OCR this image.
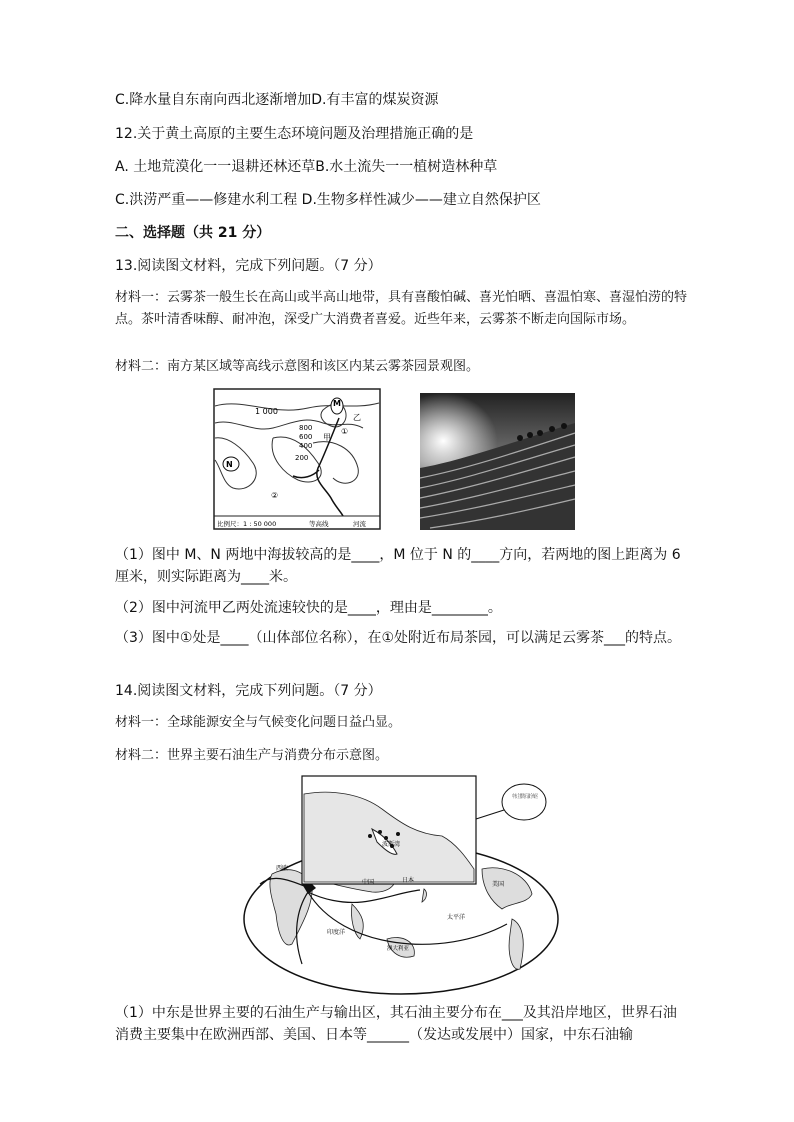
C.降水量自东南向西北逐渐增加D.有丰富的煤炭资源
12.关于黄土高原的主要生态环境问题及治理措施正确的是
A. 土地荒漠化一一退耕还林还草B.水土流失一一植树造林种草
C.洪涝严重——修建水利工程 D.生物多样性减少——建立自然保护区
二、选择题（共 21 分）
13.阅读图文材料，完成下列问题。（7 分）
材料一：云雾茶一般生长在高山或半高山地带，具有喜酸怕碱、喜光怕晒、喜温怕寒、喜湿怕涝的特点。茶叶清香味醇、耐冲泡，深受广大消费者喜爱。近些年来，云雾茶不断走向国际市场。
材料二：南方某区域等高线示意图和该区内某云雾茶园景观图。
1 000
800
600
400
200
M
N
甲
乙
①
②
比例尺：1 : 50 000	等高线	河流
（1）图中 M、N 两地中海拔较高的是____，M 位于 N 的____方向，若两地的图上距离为 6 厘米，则实际距离为____米。
（2）图中河流甲乙两处流速较快的是____，理由是________。
（3）图中①处是____（山体部位名称），在①处附近布局茶园，可以满足云雾茶___的特点。
14.阅读图文材料，完成下列问题。（7 分）
材料一：全球能源安全与气候变化问题日益凸显。
材料二：世界主要石油生产与消费分布示意图。
波斯湾
西欧
中国	日本
美国
印度洋
太平洋
澳大利亚
（1）中东是世界主要的石油生产与输出区，其石油主要分布在___及其沿岸地区，世界石油消费主要集中在欧洲西部、美国、日本等______（发达或发展中）国家，中东石油输
